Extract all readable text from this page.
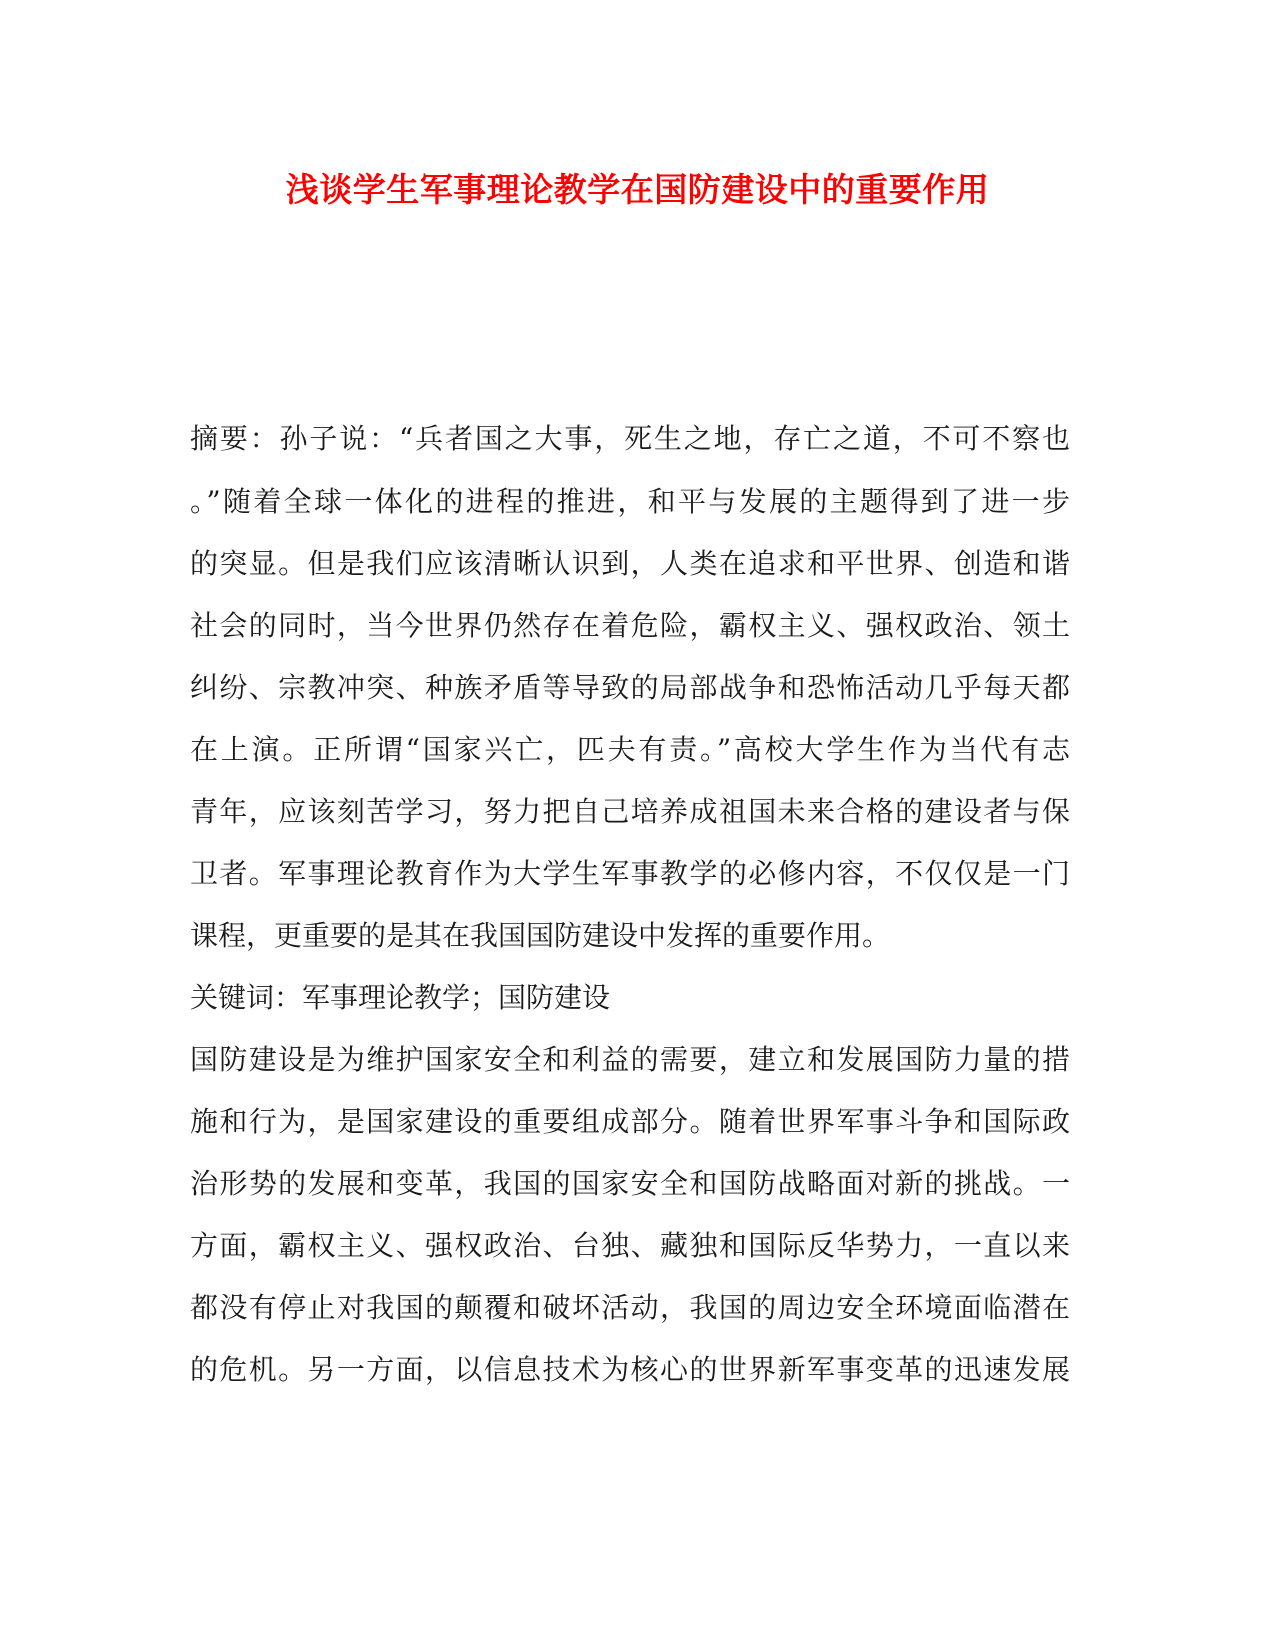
浅谈学生军事理论教学在国防建设中的重要作用

摘要：孙子说：“兵者国之大事，死生之地，存亡之道，不可不察也

。”随着全球一体化的进程的推进，和平与发展的主题得到了进一步

的突显。但是我们应该清晰认识到，人类在追求和平世界、创造和谐

社会的同时，当今世界仍然存在着危险，霸权主义、强权政治、领土

纠纷、宗教冲突、种族矛盾等导致的局部战争和恐怖活动几乎每天都

在上演。正所谓“国家兴亡，匹夫有责。”高校大学生作为当代有志

青年，应该刻苦学习，努力把自己培养成祖国未来合格的建设者与保

卫者。军事理论教育作为大学生军事教学的必修内容，不仅仅是一门

课程，更重要的是其在我国国防建设中发挥的重要作用。

关键词：军事理论教学；国防建设

国防建设是为维护国家安全和利益的需要，建立和发展国防力量的措

施和行为，是国家建设的重要组成部分。随着世界军事斗争和国际政

治形势的发展和变革，我国的国家安全和国防战略面对新的挑战。一

方面，霸权主义、强权政治、台独、藏独和国际反华势力，一直以来

都没有停止对我国的颠覆和破坏活动，我国的周边安全环境面临潜在

的危机。另一方面，以信息技术为核心的世界新军事变革的迅速发展
